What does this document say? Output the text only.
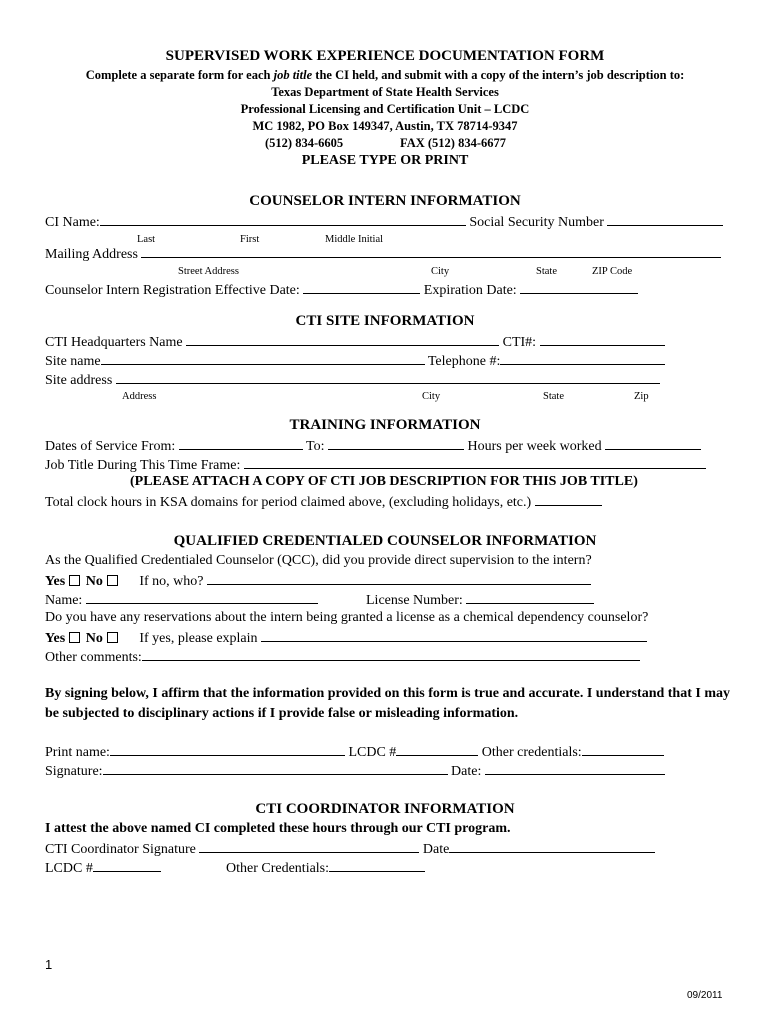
SUPERVISED WORK EXPERIENCE DOCUMENTATION FORM
Complete a separate form for each job title the CI held, and submit with a copy of the intern’s job description to:
Texas Department of State Health Services
Professional Licensing and Certification Unit – LCDC
MC 1982, PO Box 149347, Austin, TX 78714-9347
(512) 834-6605	FAX (512) 834-6677
PLEASE TYPE OR PRINT
COUNSELOR INTERN INFORMATION
CI Name:	Social Security Number
Last	First	Middle Initial
Mailing Address
Street Address	City	State	ZIP Code
Counselor Intern Registration Effective Date:	Expiration Date:
CTI SITE INFORMATION
CTI Headquarters Name	CTI#:
Site name	Telephone #:
Site address
Address	City	State	Zip
TRAINING INFORMATION
Dates of Service From:	To:	Hours per week worked
Job Title During This Time Frame:
(PLEASE ATTACH A COPY OF CTI JOB DESCRIPTION FOR THIS JOB TITLE)
Total clock hours in KSA domains for period claimed above, (excluding holidays, etc.)
QUALIFIED CREDENTIALED COUNSELOR INFORMATION
As the Qualified Credentialed Counselor (QCC), did you provide direct supervision to the intern?
Yes No	If no, who?
Name:	License Number:
Do you have any reservations about the intern being granted a license as a chemical dependency counselor?
Yes No	If yes, please explain
Other comments:
By signing below, I affirm that the information provided on this form is true and accurate. I understand that I may
be subjected to disciplinary actions if I provide false or misleading information.
Print name:	LCDC #	Other credentials:
Signature:	Date:
CTI COORDINATOR INFORMATION
I attest the above named CI completed these hours through our CTI program.
CTI Coordinator Signature	Date
LCDC #	Other Credentials:
1
09/2011
